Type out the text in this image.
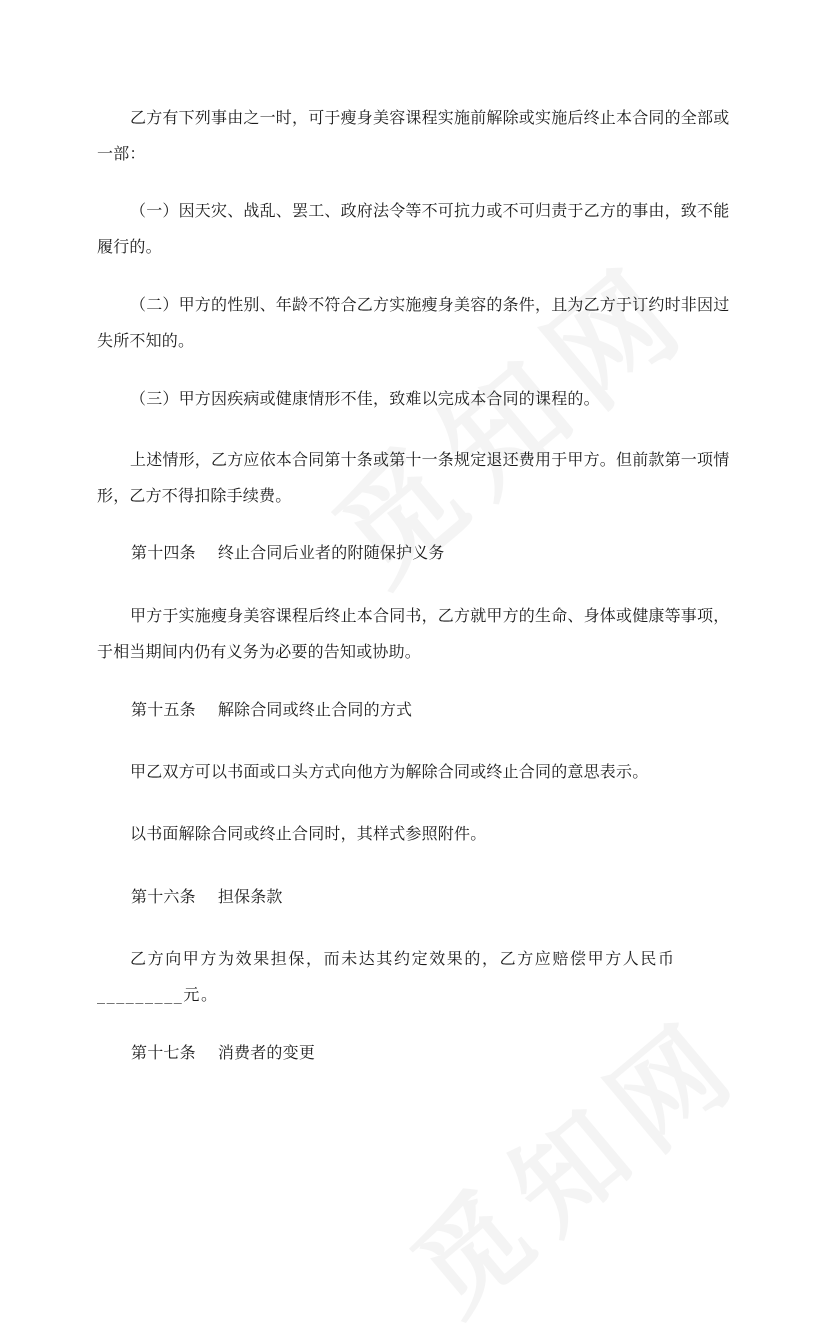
乙方有下列事由之一时，可于瘦身美容课程实施前解除或实施后终止本合同的全部或一部：

（一）因天灾、战乱、罢工、政府法令等不可抗力或不可归责于乙方的事由，致不能履行的。

（二）甲方的性别、年龄不符合乙方实施瘦身美容的条件，且为乙方于订约时非因过失所不知的。

（三）甲方因疾病或健康情形不佳，致难以完成本合同的课程的。

上述情形，乙方应依本合同第十条或第十一条规定退还费用于甲方。但前款第一项情形，乙方不得扣除手续费。

第十四条 终止合同后业者的附随保护义务

甲方于实施瘦身美容课程后终止本合同书，乙方就甲方的生命、身体或健康等事项，于相当期间内仍有义务为必要的告知或协助。

第十五条 解除合同或终止合同的方式

甲乙双方可以书面或口头方式向他方为解除合同或终止合同的意思表示。

以书面解除合同或终止合同时，其样式参照附件。

第十六条 担保条款

乙方向甲方为效果担保，而未达其约定效果的，乙方应赔偿甲方人民币_________元。

第十七条 消费者的变更
